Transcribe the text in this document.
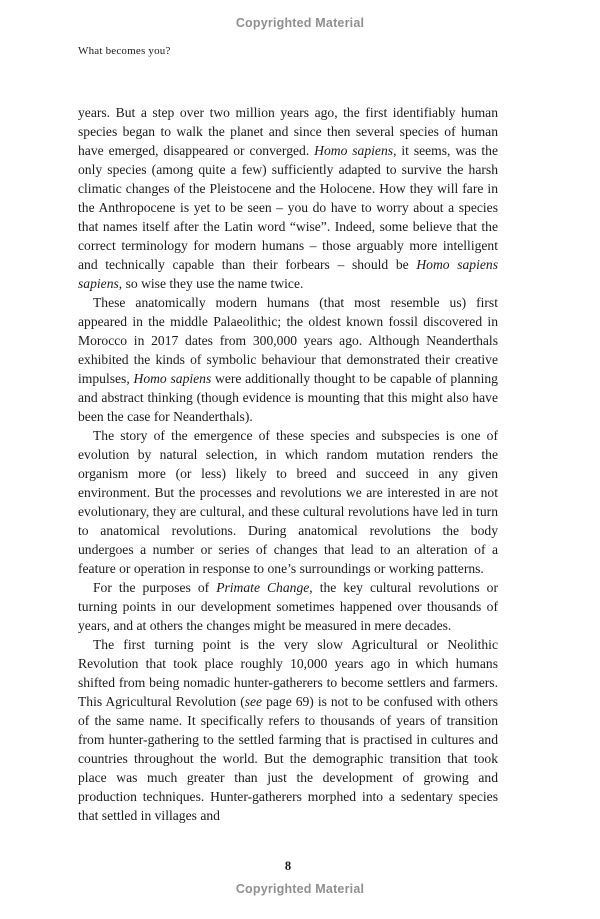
Copyrighted Material
What becomes you?

years. But a step over two million years ago, the first identifiably human species began to walk the planet and since then several species of human have emerged, disappeared or converged. Homo sapiens, it seems, was the only species (among quite a few) sufficiently adapted to survive the harsh climatic changes of the Pleistocene and the Holocene. How they will fare in the Anthropocene is yet to be seen – you do have to worry about a species that names itself after the Latin word “wise”. Indeed, some believe that the correct terminology for modern humans – those arguably more intelligent and technically capable than their forbears – should be Homo sapiens sapiens, so wise they use the name twice.

These anatomically modern humans (that most resemble us) first appeared in the middle Palaeolithic; the oldest known fossil discovered in Morocco in 2017 dates from 300,000 years ago. Although Neanderthals exhibited the kinds of symbolic behaviour that demonstrated their creative impulses, Homo sapiens were additionally thought to be capable of planning and abstract thinking (though evidence is mounting that this might also have been the case for Neanderthals).

The story of the emergence of these species and subspecies is one of evolution by natural selection, in which random mutation renders the organism more (or less) likely to breed and succeed in any given environment. But the processes and revolutions we are interested in are not evolutionary, they are cultural, and these cultural revolutions have led in turn to anatomical revolutions. During anatomical revolutions the body undergoes a number or series of changes that lead to an alteration of a feature or operation in response to one’s surroundings or working patterns.

For the purposes of Primate Change, the key cultural revolutions or turning points in our development sometimes happened over thousands of years, and at others the changes might be measured in mere decades.

The first turning point is the very slow Agricultural or Neolithic Revolution that took place roughly 10,000 years ago in which humans shifted from being nomadic hunter-gatherers to become settlers and farmers. This Agricultural Revolution (see page 69) is not to be confused with others of the same name. It specifically refers to thousands of years of transition from hunter-gathering to the settled farming that is practised in cultures and countries throughout the world. But the demographic transition that took place was much greater than just the development of growing and production techniques. Hunter-gatherers morphed into a sedentary species that settled in villages and

8
Copyrighted Material
